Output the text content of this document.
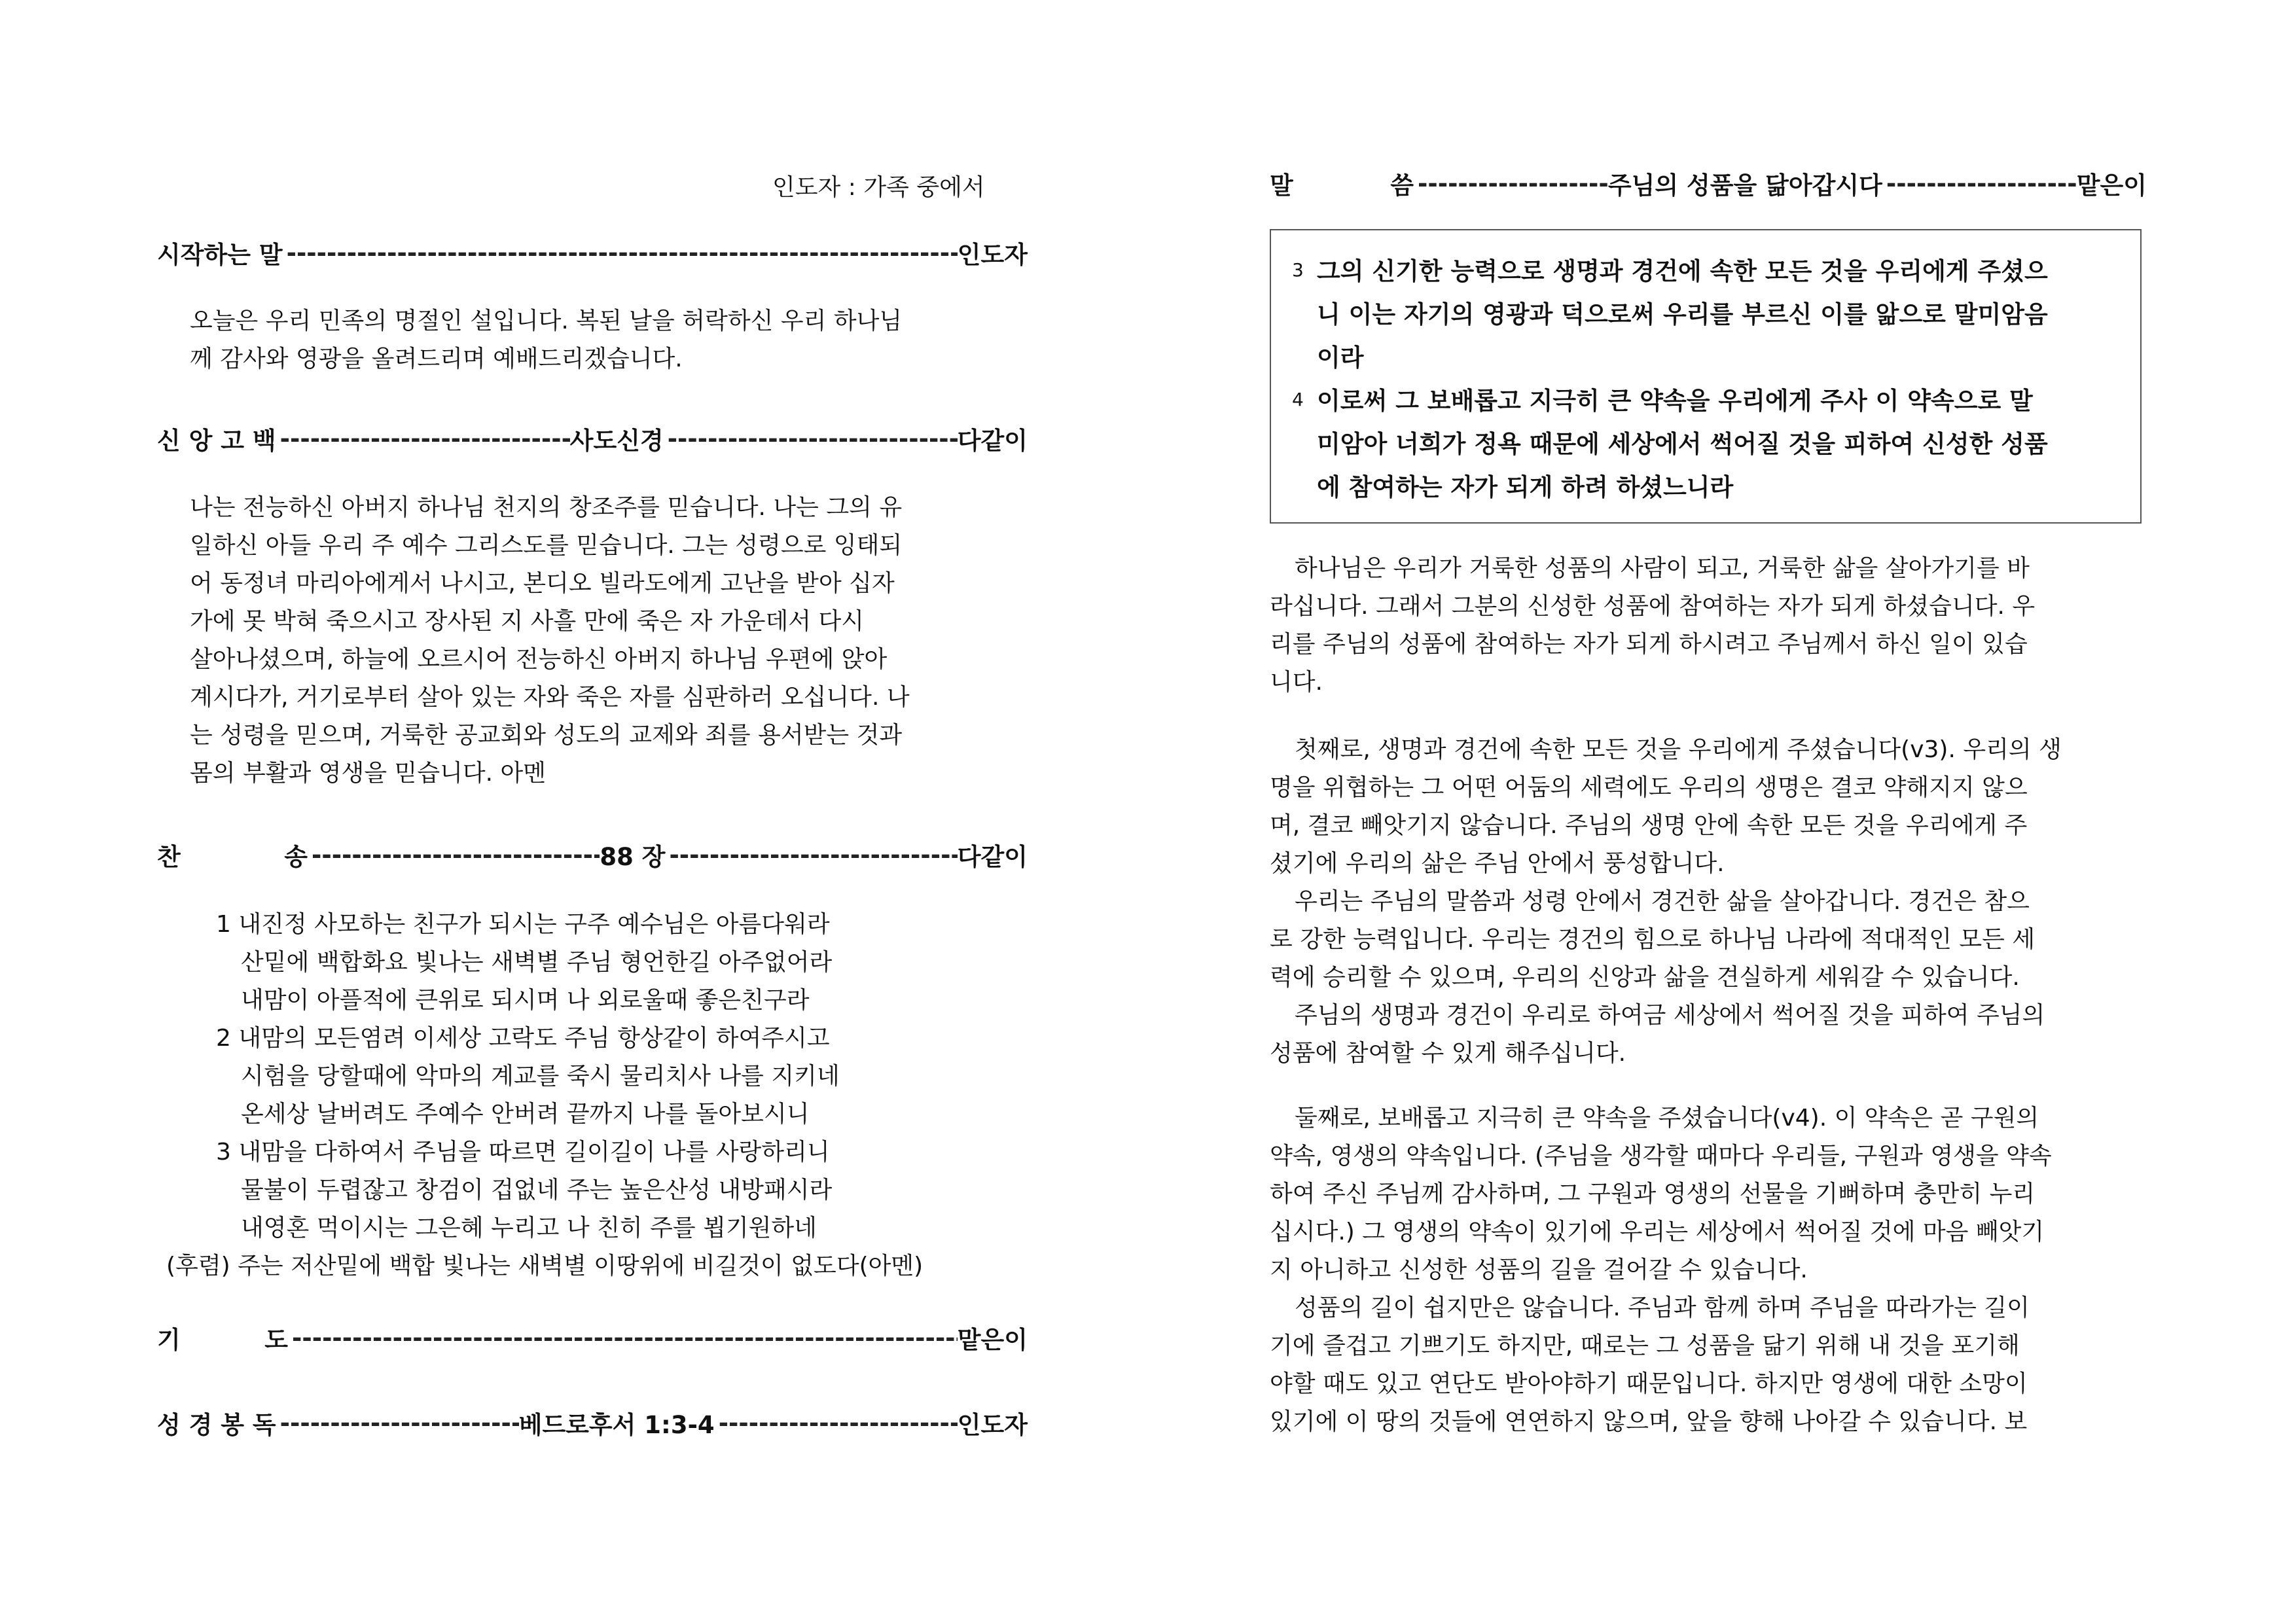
인도자 : 가족 중에서
시작하는 말 -----	인도자
오늘은 우리 민족의 명절인 설입니다. 복된 날을 허락하신 우리 하나님
께 감사와 영광을 올려드리며 예배드리겠습니다.
신 앙 고 백 -----	사도신경 -----	다같이
나는 전능하신 아버지 하나님 천지의 창조주를 믿습니다. 나는 그의 유
일하신 아들 우리 주 예수 그리스도를 믿습니다. 그는 성령으로 잉태되
어 동정녀 마리아에게서 나시고, 본디오 빌라도에게 고난을 받아 십자
가에 못 박혀 죽으시고 장사된 지 사흘 만에 죽은 자 가운데서 다시
살아나셨으며, 하늘에 오르시어 전능하신 아버지 하나님 우편에 앉아
계시다가, 거기로부터 살아 있는 자와 죽은 자를 심판하러 오십니다. 나
는 성령을 믿으며, 거룩한 공교회와 성도의 교제와 죄를 용서받는 것과
몸의 부활과 영생을 믿습니다. 아멘
찬	송 -----	88 장 -----	다같이
1 내진정 사모하는 친구가 되시는 구주 예수님은 아름다워라
산밑에 백합화요 빛나는 새벽별 주님 형언한길 아주없어라
내맘이 아플적에 큰위로 되시며 나 외로울때 좋은친구라
2 내맘의 모든염려 이세상 고락도 주님 항상같이 하여주시고
시험을 당할때에 악마의 계교를 죽시 물리치사 나를 지키네
온세상 날버려도 주예수 안버려 끝까지 나를 돌아보시니
3 내맘을 다하여서 주님을 따르면 길이길이 나를 사랑하리니
물불이 두렵잖고 창검이 겁없네 주는 높은산성 내방패시라
내영혼 먹이시는 그은혜 누리고 나 친히 주를 뵙기원하네
(후렴) 주는 저산밑에 백합 빛나는 새벽별 이땅위에 비길것이 없도다(아멘)
기	도 -----	맡은이
성 경 봉 독 -----	베드로후서 1:3-4 -----	인도자
말	씀 -----	주님의 성품을 닮아갑시다 -----	맡은이
3 그의 신기한 능력으로 생명과 경건에 속한 모든 것을 우리에게 주셨으
니 이는 자기의 영광과 덕으로써 우리를 부르신 이를 앎으로 말미암음
이라
4 이로써 그 보배롭고 지극히 큰 약속을 우리에게 주사 이 약속으로 말
미암아 너희가 정욕 때문에 세상에서 썩어질 것을 피하여 신성한 성품
에 참여하는 자가 되게 하려 하셨느니라
하나님은 우리가 거룩한 성품의 사람이 되고, 거룩한 삶을 살아가기를 바
라십니다. 그래서 그분의 신성한 성품에 참여하는 자가 되게 하셨습니다. 우
리를 주님의 성품에 참여하는 자가 되게 하시려고 주님께서 하신 일이 있습
니다.
첫째로, 생명과 경건에 속한 모든 것을 우리에게 주셨습니다(v3). 우리의 생
명을 위협하는 그 어떤 어둠의 세력에도 우리의 생명은 결코 약해지지 않으
며, 결코 빼앗기지 않습니다. 주님의 생명 안에 속한 모든 것을 우리에게 주
셨기에 우리의 삶은 주님 안에서 풍성합니다.
우리는 주님의 말씀과 성령 안에서 경건한 삶을 살아갑니다. 경건은 참으
로 강한 능력입니다. 우리는 경건의 힘으로 하나님 나라에 적대적인 모든 세
력에 승리할 수 있으며, 우리의 신앙과 삶을 견실하게 세워갈 수 있습니다.
주님의 생명과 경건이 우리로 하여금 세상에서 썩어질 것을 피하여 주님의
성품에 참여할 수 있게 해주십니다.
둘째로, 보배롭고 지극히 큰 약속을 주셨습니다(v4). 이 약속은 곧 구원의
약속, 영생의 약속입니다. (주님을 생각할 때마다 우리들, 구원과 영생을 약속
하여 주신 주님께 감사하며, 그 구원과 영생의 선물을 기뻐하며 충만히 누리
십시다.) 그 영생의 약속이 있기에 우리는 세상에서 썩어질 것에 마음 빼앗기
지 아니하고 신성한 성품의 길을 걸어갈 수 있습니다.
성품의 길이 쉽지만은 않습니다. 주님과 함께 하며 주님을 따라가는 길이
기에 즐겁고 기쁘기도 하지만, 때로는 그 성품을 닮기 위해 내 것을 포기해
야할 때도 있고 연단도 받아야하기 때문입니다. 하지만 영생에 대한 소망이
있기에 이 땅의 것들에 연연하지 않으며, 앞을 향해 나아갈 수 있습니다. 보
